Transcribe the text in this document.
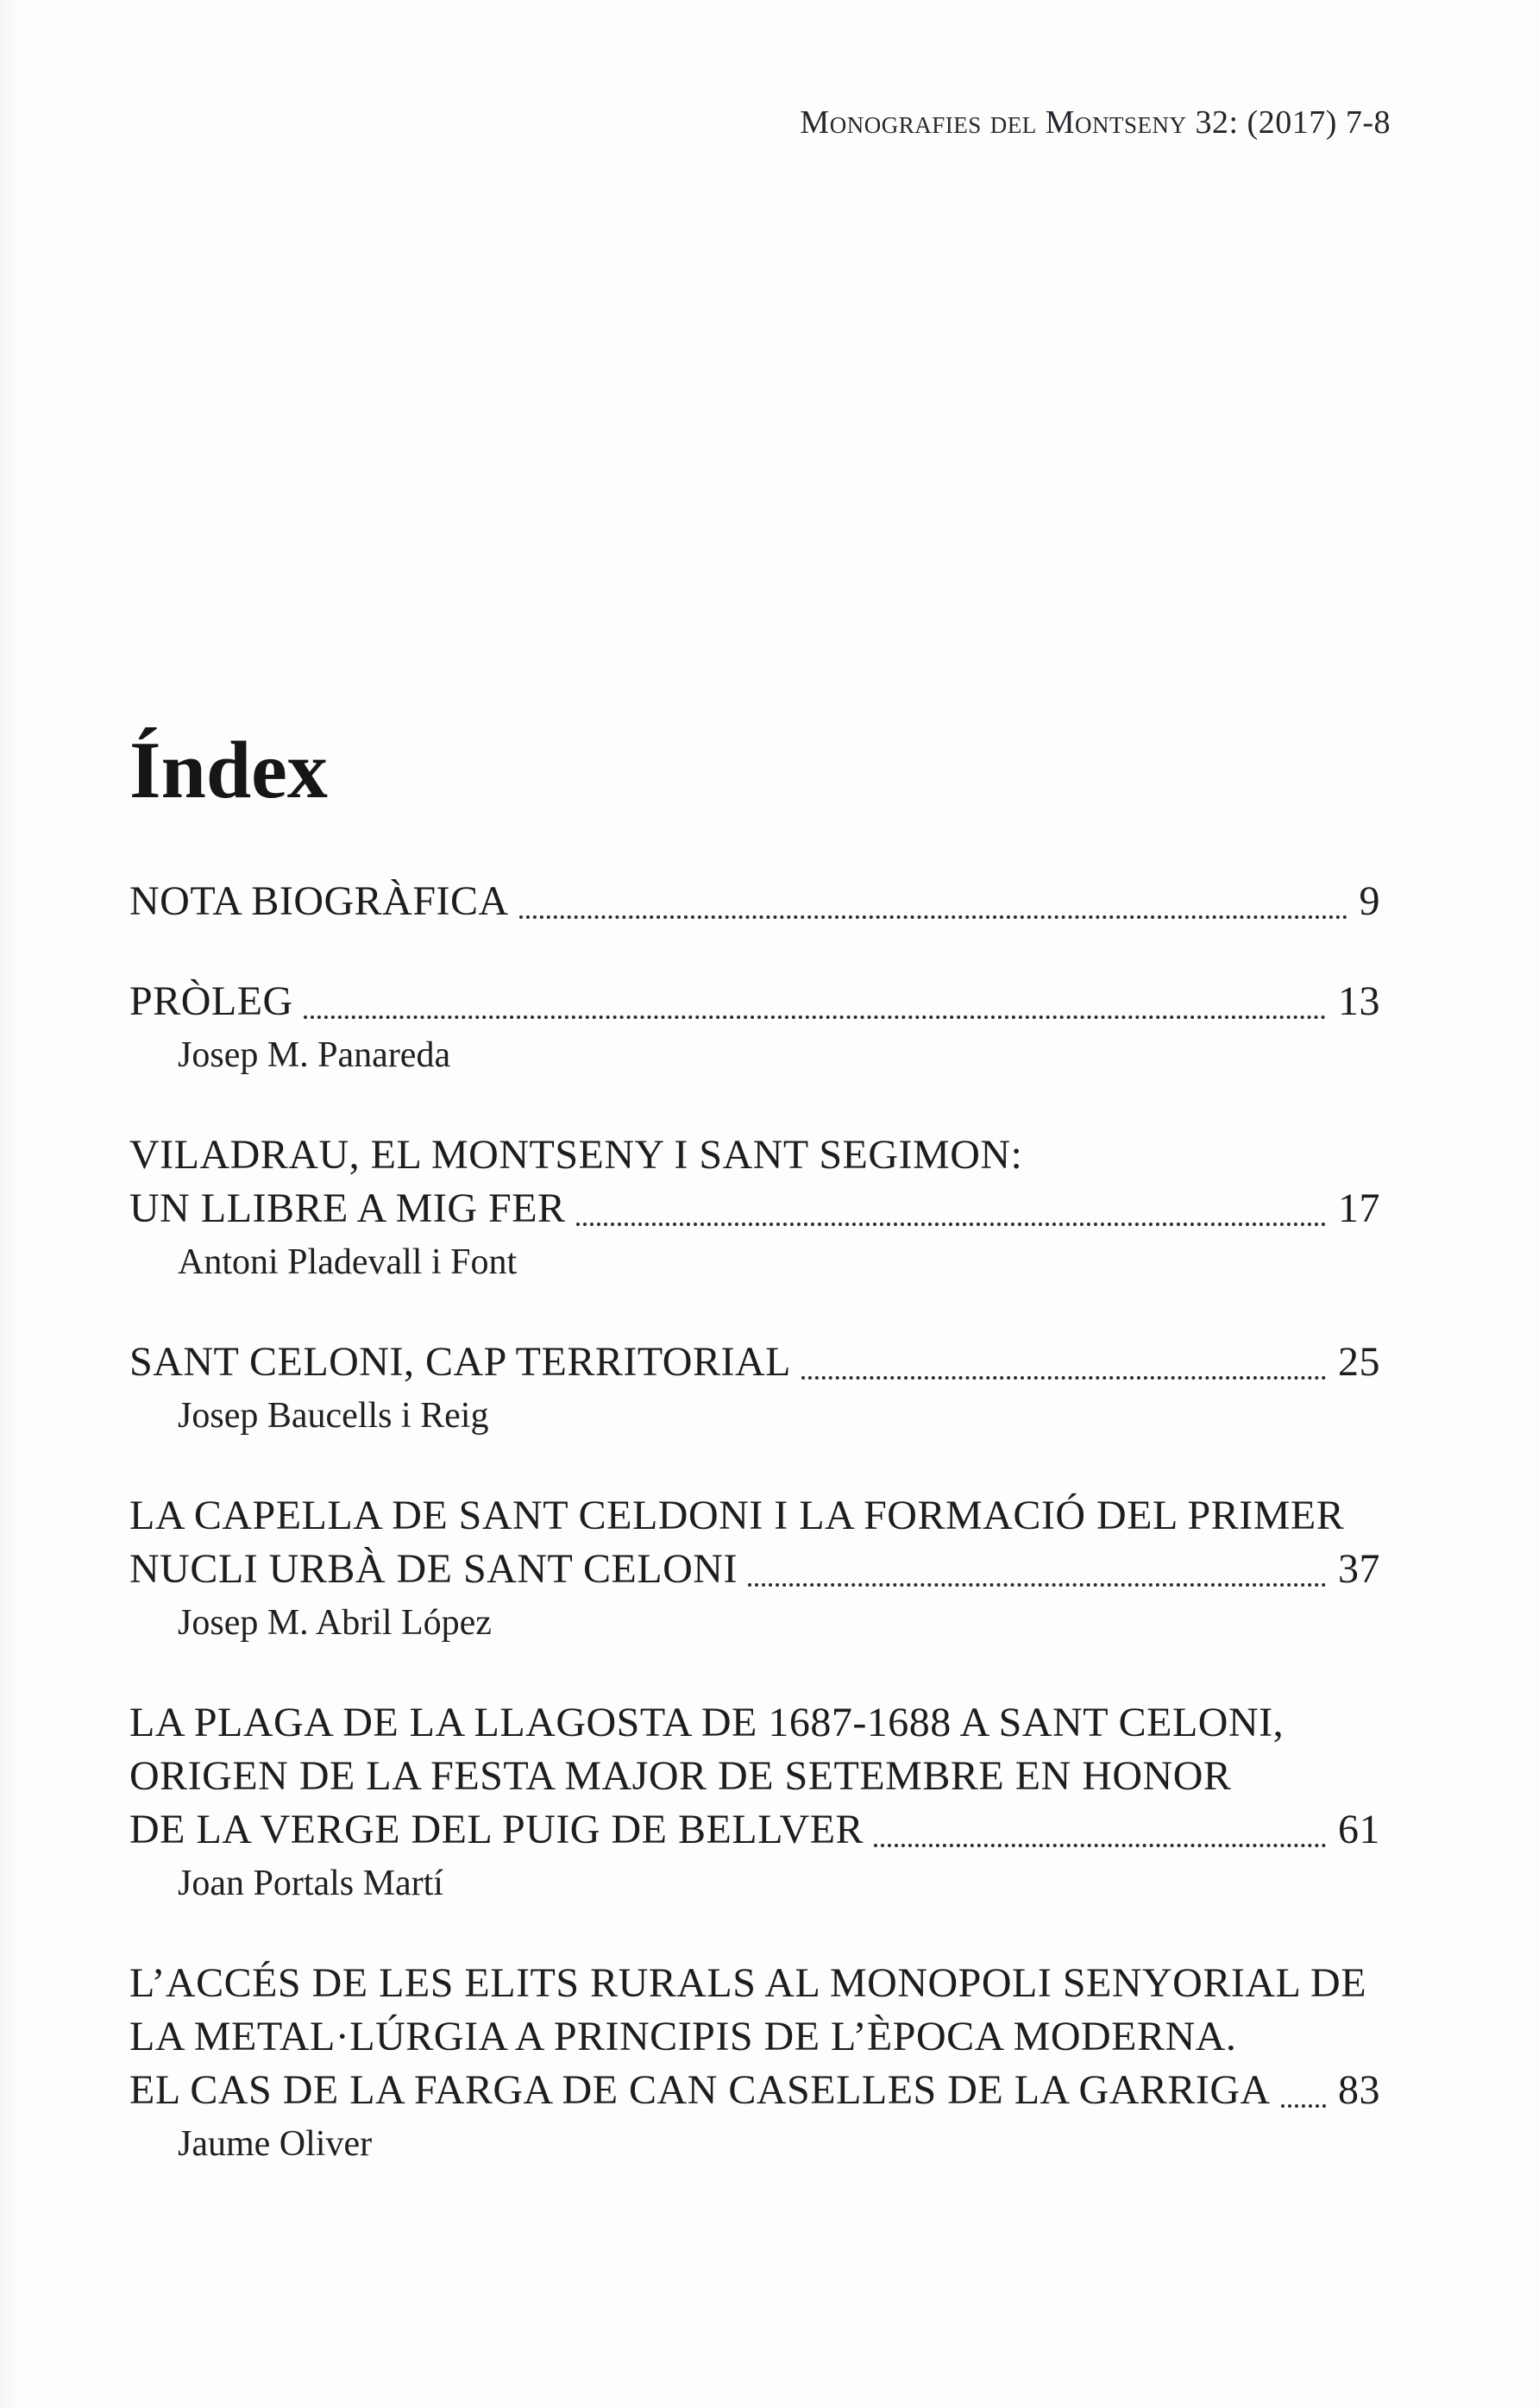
Monografies del Montseny 32: (2017) 7-8
Índex
NOTA BIOGRÀFICA	9
PRÒLEG	13
Josep M. Panareda
VILADRAU, EL MONTSENY I SANT SEGIMON:
UN LLIBRE A MIG FER	17
Antoni Pladevall i Font
SANT CELONI, CAP TERRITORIAL	25
Josep Baucells i Reig
LA CAPELLA DE SANT CELDONI I LA FORMACIÓ DEL PRIMER
NUCLI URBÀ DE SANT CELONI	37
Josep M. Abril López
LA PLAGA DE LA LLAGOSTA DE 1687-1688 A SANT CELONI,
ORIGEN DE LA FESTA MAJOR DE SETEMBRE EN HONOR
DE LA VERGE DEL PUIG DE BELLVER	61
Joan Portals Martí
L’ACCÉS DE LES ELITS RURALS AL MONOPOLI SENYORIAL DE
LA METAL·LÚRGIA A PRINCIPIS DE L’ÈPOCA MODERNA.
EL CAS DE LA FARGA DE CAN CASELLES DE LA GARRIGA 83
Jaume Oliver
